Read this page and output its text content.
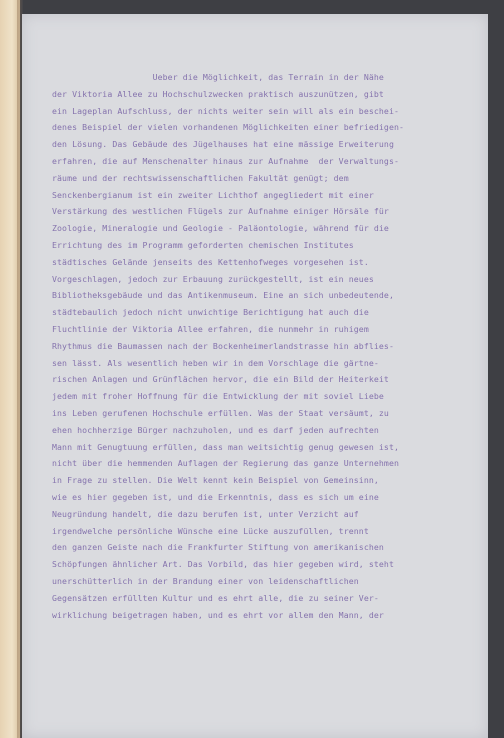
Ueber die Möglichkeit, das Terrain in der Nähe
der Viktoria Allee zu Hochschulzwecken praktisch auszunützen, gibt
ein Lageplan Aufschluss, der nichts weiter sein will als ein beschei-
denes Beispiel der vielen vorhandenen Möglichkeiten einer befriedigen-
den Lösung. Das Gebäude des Jügelhauses hat eine mässige Erweiterung
erfahren, die auf Menschenalter hinaus zur Aufnahme  der Verwaltungs-
räume und der rechtswissenschaftlichen Fakultät genügt; dem
Senckenbergianum ist ein zweiter Lichthof angegliedert mit einer
Verstärkung des westlichen Flügels zur Aufnahme einiger Hörsäle für
Zoologie, Mineralogie und Geologie - Paläontologie, während für die
Errichtung des im Programm geforderten chemischen Institutes
städtisches Gelände jenseits des Kettenhofweges vorgesehen ist.
Vorgeschlagen, jedoch zur Erbauung zurückgestellt, ist ein neues
Bibliotheksgebäude und das Antikenmuseum. Eine an sich unbedeutende,
städtebaulich jedoch nicht unwichtige Berichtigung hat auch die
Fluchtlinie der Viktoria Allee erfahren, die nunmehr in ruhigem
Rhythmus die Baumassen nach der Bockenheimerlandstrasse hin abflies-
sen lässt. Als wesentlich heben wir in dem Vorschlage die gärtne-
rischen Anlagen und Grünflächen hervor, die ein Bild der Heiterkeit
jedem mit froher Hoffnung für die Entwicklung der mit soviel Liebe
ins Leben gerufenen Hochschule erfüllen. Was der Staat versäumt, zu
ehen hochherzige Bürger nachzuholen, und es darf jeden aufrechten
Mann mit Genugtuung erfüllen, dass man weitsichtig genug gewesen ist,
nicht über die hemmenden Auflagen der Regierung das ganze Unternehmen
in Frage zu stellen. Die Welt kennt kein Beispiel von Gemeinsinn,
wie es hier gegeben ist, und die Erkenntnis, dass es sich um eine
Neugründung handelt, die dazu berufen ist, unter Verzicht auf
irgendwelche persönliche Wünsche eine Lücke auszufüllen, trennt
den ganzen Geiste nach die Frankfurter Stiftung von amerikanischen
Schöpfungen ähnlicher Art. Das Vorbild, das hier gegeben wird, steht
unerschütterlich in der Brandung einer von leidenschaftlichen
Gegensätzen erfüllten Kultur und es ehrt alle, die zu seiner Ver-
wirklichung beigetragen haben, und es ehrt vor allem den Mann, der
